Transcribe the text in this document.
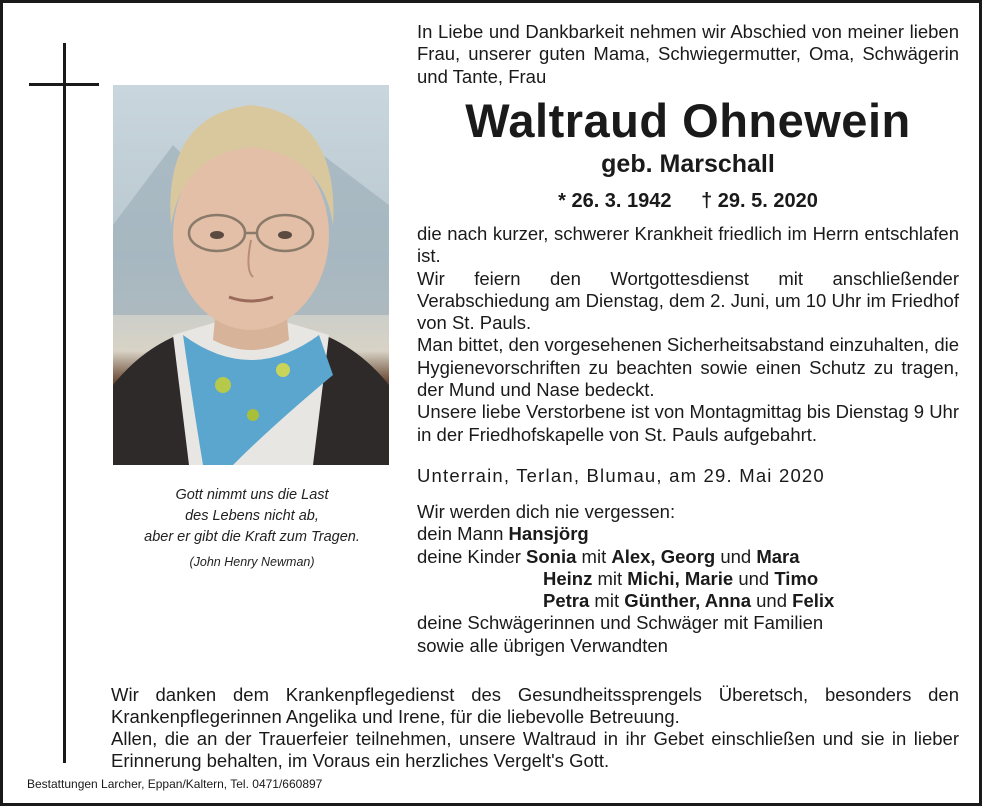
Gott nimmt uns die Last
des Lebens nicht ab,
aber er gibt die Kraft zum Tragen.
(John Henry Newman)
In Liebe und Dankbarkeit nehmen wir Abschied von meiner lieben Frau, unserer guten Mama, Schwiegermutter, Oma, Schwägerin und Tante, Frau
Waltraud Ohnewein
geb. Marschall
* 26. 3. 1942 † 29. 5. 2020

die nach kurzer, schwerer Krankheit friedlich im Herrn entschlafen ist.

Wir feiern den Wortgottesdienst mit anschließender Verabschiedung am Dienstag, dem 2. Juni, um 10 Uhr im Friedhof von St. Pauls.

Man bittet, den vorgesehenen Sicherheitsabstand einzuhalten, die Hygienevorschriften zu beachten sowie einen Schutz zu tragen, der Mund und Nase bedeckt.

Unsere liebe Verstorbene ist von Montagmittag bis Dienstag 9 Uhr in der Friedhofskapelle von St. Pauls aufgebahrt.

Unterrain, Terlan, Blumau, am 29. Mai 2020
Wir werden dich nie vergessen:
dein Mann Hansjörg
deine Kinder Sonia mit Alex, Georg und Mara
Heinz mit Michi, Marie und Timo
Petra mit Günther, Anna und Felix
deine Schwägerinnen und Schwäger mit Familien
sowie alle übrigen Verwandten

Wir danken dem Krankenpflegedienst des Gesundheitssprengels Überetsch, besonders den Krankenpflegerinnen Angelika und Irene, für die liebevolle Betreuung.

Allen, die an der Trauerfeier teilnehmen, unsere Waltraud in ihr Gebet einschließen und sie in lieber Erinnerung behalten, im Voraus ein herzliches Vergelt's Gott.

Bestattungen Larcher, Eppan/Kaltern, Tel. 0471/660897
